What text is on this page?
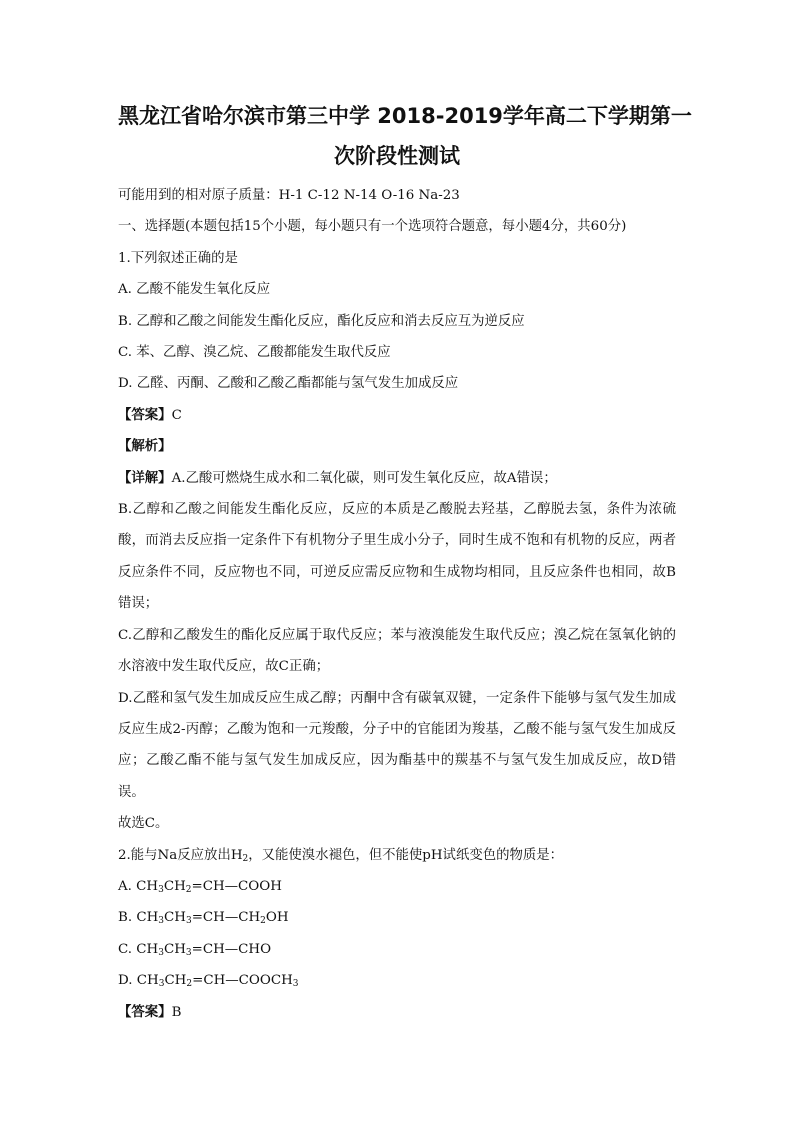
黑龙江省哈尔滨市第三中学 2018-2019学年高二下学期第一

次阶段性测试

可能用到的相对原子质量：H-1 C-12 N-14 O-16 Na-23

一、选择题(本题包括15个小题，每小题只有一个选项符合题意，每小题4分，共60分)

1.下列叙述正确的是

A. 乙酸不能发生氧化反应

B. 乙醇和乙酸之间能发生酯化反应，酯化反应和消去反应互为逆反应

C. 苯、乙醇、溴乙烷、乙酸都能发生取代反应

D. 乙醛、丙酮、乙酸和乙酸乙酯都能与氢气发生加成反应

【答案】C

【解析】

【详解】A.乙酸可燃烧生成水和二氧化碳，则可发生氧化反应，故A错误；

B.乙醇和乙酸之间能发生酯化反应，反应的本质是乙酸脱去羟基，乙醇脱去氢，条件为浓硫酸，而消去反应指一定条件下有机物分子里生成小分子，同时生成不饱和有机物的反应，两者反应条件不同，反应物也不同，可逆反应需反应物和生成物均相同，且反应条件也相同，故B错误；

C.乙醇和乙酸发生的酯化反应属于取代反应；苯与液溴能发生取代反应；溴乙烷在氢氧化钠的水溶液中发生取代反应，故C正确；

D.乙醛和氢气发生加成反应生成乙醇；丙酮中含有碳氧双键，一定条件下能够与氢气发生加成反应生成2-丙醇；乙酸为饱和一元羧酸，分子中的官能团为羧基，乙酸不能与氢气发生加成反应；乙酸乙酯不能与氢气发生加成反应，因为酯基中的羰基不与氢气发生加成反应，故D错误。

故选C。

2.能与Na反应放出$H_2$，又能使溴水褪色，但不能使pH试纸变色的物质是：

A. $CH_3CH_2=CH—COOH$

B. $CH_3CH_3=CH—CH_2OH$

C. $CH_3CH_3=CH—CHO$

D. $CH_3CH_2=CH—COOCH_3$

【答案】B
